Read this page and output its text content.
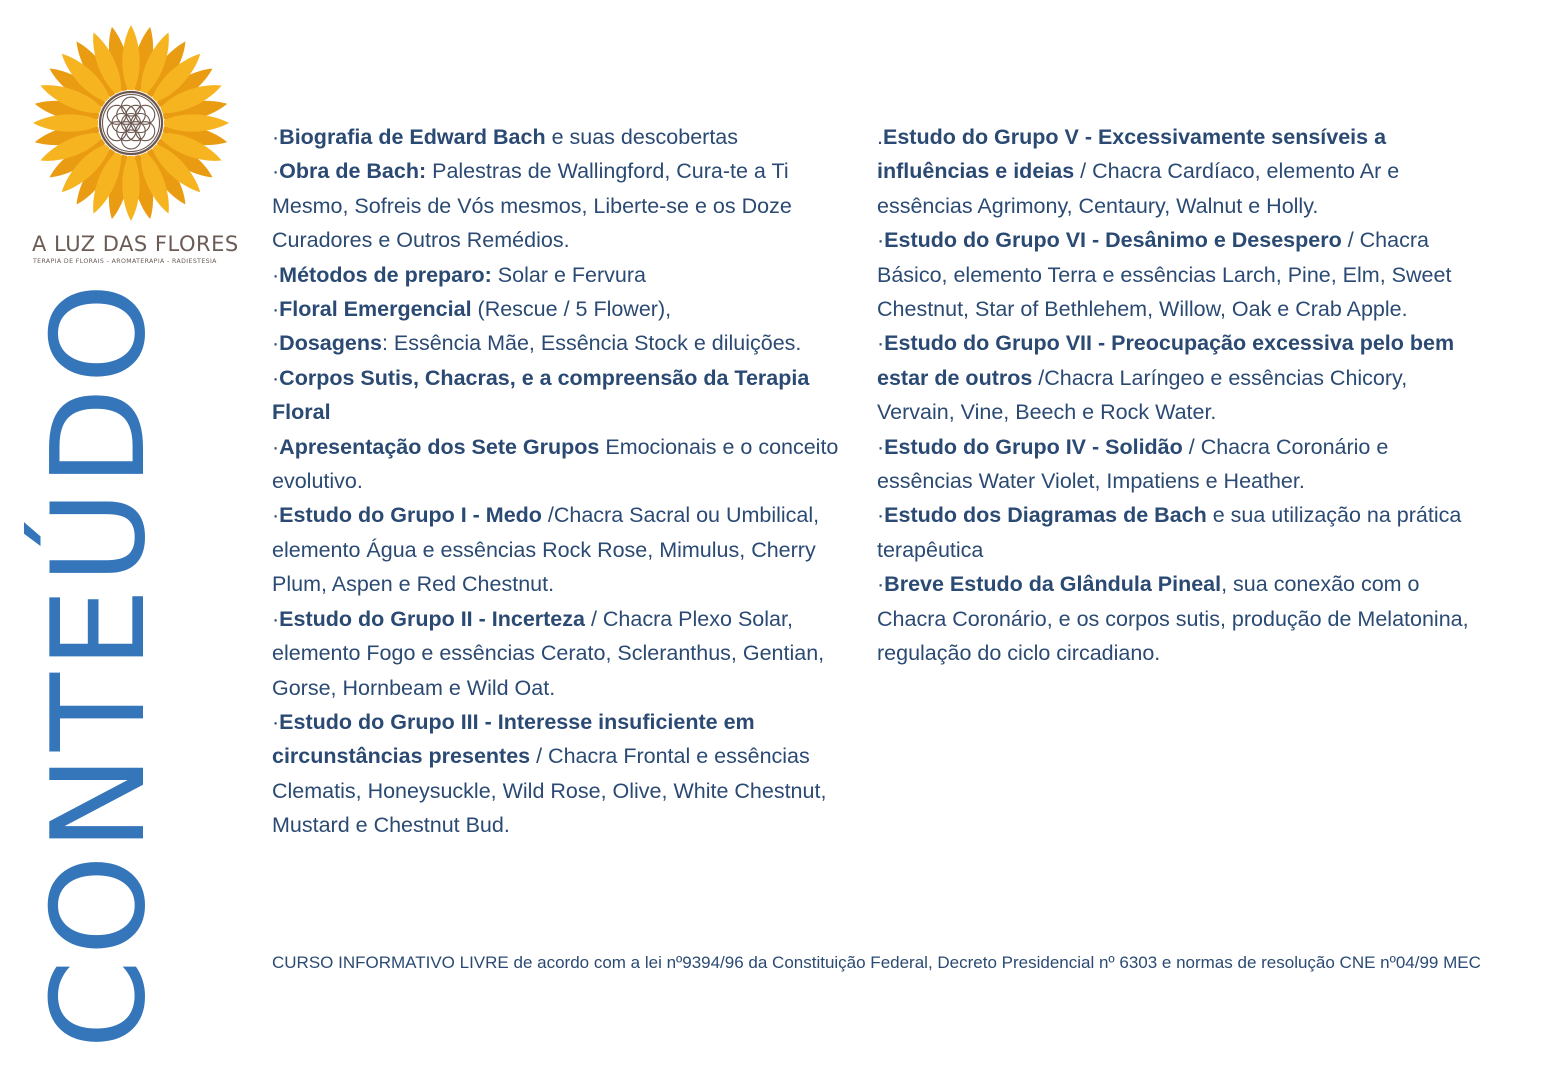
A LUZ DAS FLORES
TERAPIA DE FLORAIS - AROMATERAPIA - RADIESTESIA
CONTEÚDO
·Biografia de Edward Bach e suas descobertas
·Obra de Bach: Palestras de Wallingford, Cura-te a Ti Mesmo, Sofreis de Vós mesmos, Liberte-se e os Doze Curadores e Outros Remédios.
·Métodos de preparo: Solar e Fervura
·Floral Emergencial (Rescue / 5 Flower),
·Dosagens: Essência Mãe, Essência Stock e diluições.
·Corpos Sutis, Chacras, e a compreensão da Terapia Floral
·Apresentação dos Sete Grupos Emocionais e o conceito evolutivo.
·Estudo do Grupo I - Medo /Chacra Sacral ou Umbilical, elemento Água e essências Rock Rose, Mimulus, Cherry Plum, Aspen e Red Chestnut.
·Estudo do Grupo II - Incerteza / Chacra Plexo Solar, elemento Fogo e essências Cerato, Scleranthus, Gentian, Gorse, Hornbeam e Wild Oat.
·Estudo do Grupo III - Interesse insuficiente em circunstâncias presentes / Chacra Frontal e essências Clematis, Honeysuckle, Wild Rose, Olive, White Chestnut, Mustard e Chestnut Bud.
.Estudo do Grupo V - Excessivamente sensíveis a influências e ideias / Chacra Cardíaco, elemento Ar e essências Agrimony, Centaury, Walnut e Holly.
·Estudo do Grupo VI - Desânimo e Desespero / Chacra Básico, elemento Terra e essências Larch, Pine, Elm, Sweet Chestnut, Star of Bethlehem, Willow, Oak e Crab Apple.
·Estudo do Grupo VII - Preocupação excessiva pelo bem estar de outros /Chacra Laríngeo e essências Chicory, Vervain, Vine, Beech e Rock Water.
·Estudo do Grupo IV - Solidão / Chacra Coronário e essências Water Violet, Impatiens e Heather.
·Estudo dos Diagramas de Bach e sua utilização na prática terapêutica
·Breve Estudo da Glândula Pineal, sua conexão com o Chacra Coronário, e os corpos sutis, produção de Melatonina, regulação do ciclo circadiano.
CURSO INFORMATIVO LIVRE de acordo com a lei nº9394/96 da Constituição Federal, Decreto Presidencial nº 6303 e normas de resolução CNE nº04/99 MEC
